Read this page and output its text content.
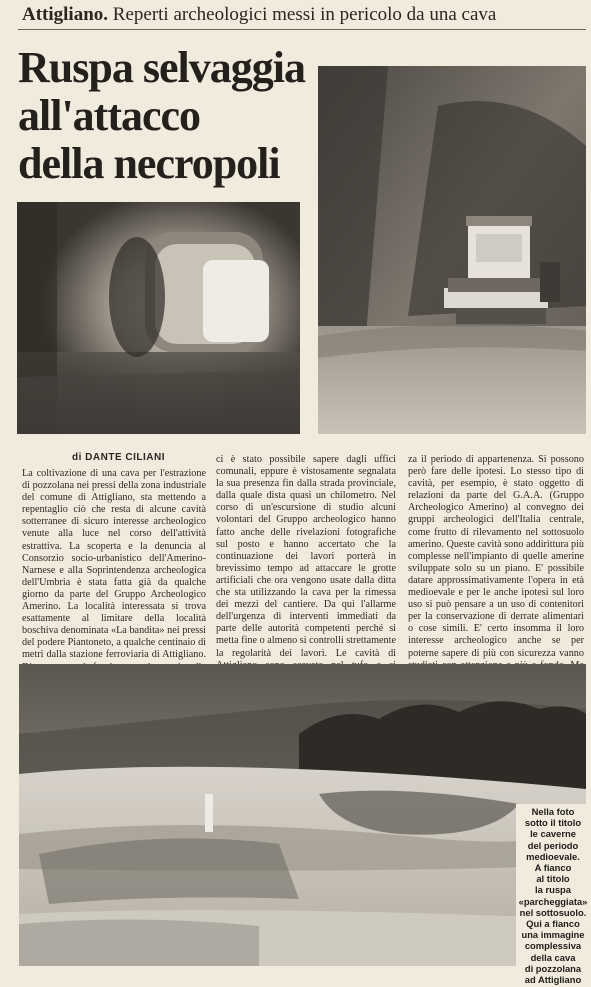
Attigliano. Reperti archeologici messi in pericolo da una cava
Ruspa selvaggia
all'attacco
della necropoli
di DANTE CILIANI

La coltivazione di una cava per l'estrazione di pozzolana nei pressi della zona industriale del comune di Attigliano, sta mettendo a repentaglio ciò che resta di alcune cavità sotterranee di sicuro interesse archeologico venute alla luce nel corso dell'attività estrattiva. La scoperta e la denuncia al Consorzio socio-urbanistico dell'Amerino-Narnese e alla Soprintendenza archeologica dell'Umbria è stata fatta già da qualche giorno da parte del Gruppo Archeologico Amerino. La località interessata si trova esattamente al limitare della località boschiva denominata «La bandita» nei pressi del podere Piantoneto, a qualche centinaio di metri dalla stazione ferroviaria di Attigliano.

ci è stato possibile sapere dagli uffici comunali, eppure è vistosamente segnalata la sua presenza fin dalla strada provinciale, dalla quale dista quasi un chilometro. Nel corso di un'escursione di studio alcuni volontari del Gruppo archeologico hanno fatto anche delle rivelazioni fotografiche sul posto e hanno accertato che la continuazione dei lavori porterà in brevissimo tempo ad attaccare le grotte artificiali che ora vengono usate dalla ditta che sta utilizzando la cava per la rimessa dei mezzi del cantiere. Da qui l'allarme dell'urgenza di interventi immediati da parte delle autorità competenti perché si metta fine o almeno si controlli strettamente la regolarità dei lavori. Le cavità di

za il periodo di appartenenza. Si possono però fare delle ipotesi. Lo stesso tipo di cavità, per esempio, è stato oggetto di relazioni da parte del G.A.A. (Gruppo Archeologico Amerino) al convegno dei gruppi archeologici dell'Italia centrale, come frutto di rilevamento nel sottosuolo amerino. Queste cavità sono addirittura più complesse nell'impianto di quelle amerine sviluppate solo su un piano. E' possibile datare approssimativamente l'opera in età medioevale e per le anche ipotesi sul loro uso si può pensare a un uso di contenitori per la conservazione di derrate alimentari o cose simili. E' certo insomma il loro interesse archeologico anche se per poterne sapere di più con sicurezza vanno

Nella foto
sotto il titolo
le caverne
del periodo
medioevale.
A fianco
al titolo
la ruspa
«parcheggiata»
nel sottosuolo.
Qui a fianco
una immagine
complessiva
della cava
di pozzolana
ad Attigliano
